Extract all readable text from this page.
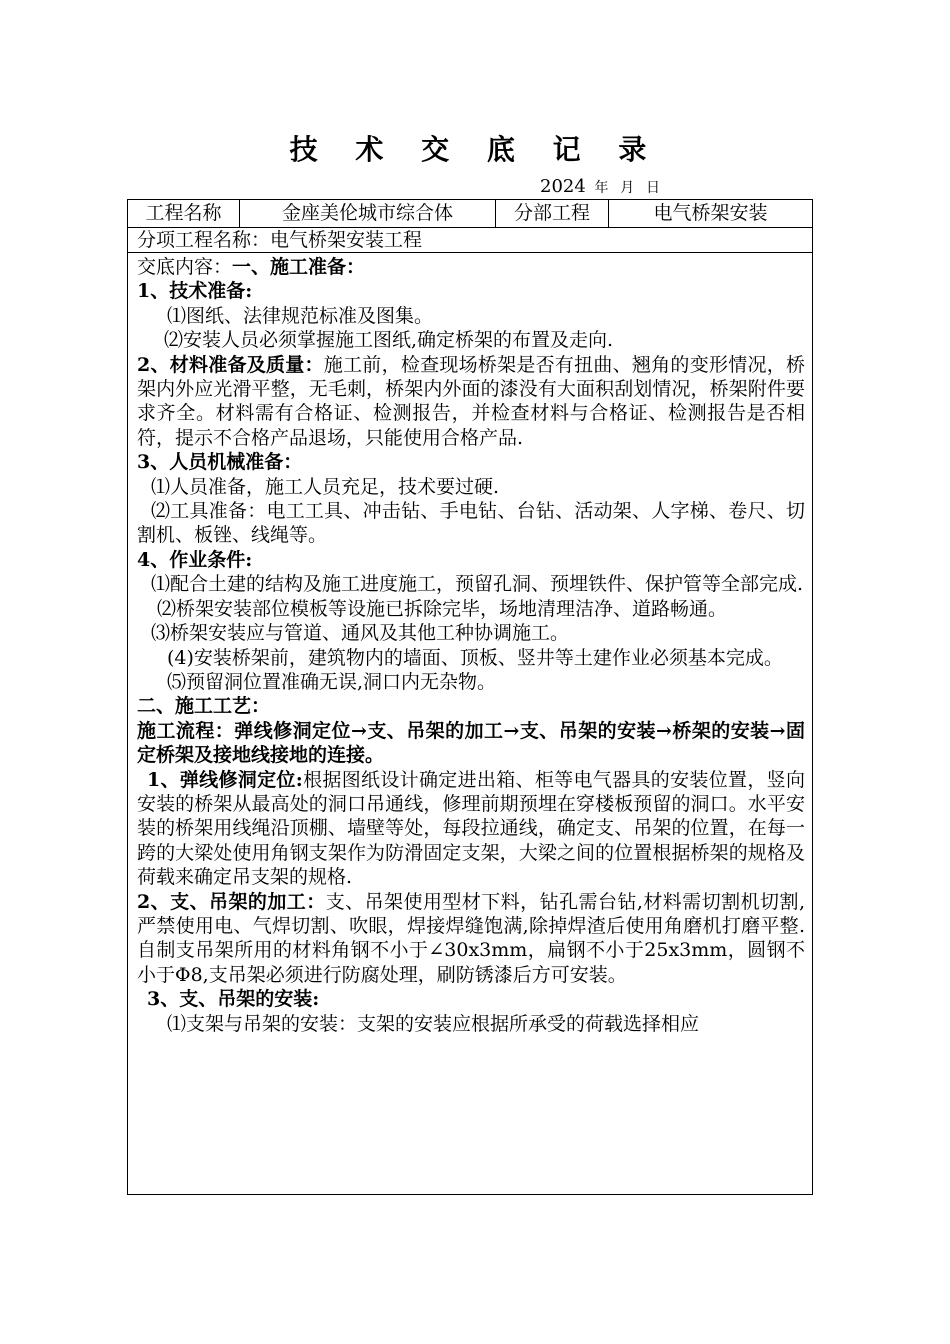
技 术 交 底 记 录
2024 年 月 日
工程名称	金座美伦城市综合体	分部工程	电气桥架安装
分项工程名称：电气桥架安装工程

交底内容：一、施工准备：

1、技术准备:

⑴图纸、法律规范标准及图集。

⑵安装人员必须掌握施工图纸,确定桥架的布置及走向.

2、材料准备及质量：施工前，检查现场桥架是否有扭曲、翘角的变形情况，桥架内外应光滑平整，无毛刺，桥架内外面的漆没有大面积刮划情况，桥架附件要求齐全。材料需有合格证、检测报告，并检查材料与合格证、检测报告是否相符，提示不合格产品退场，只能使用合格产品.

3、人员机械准备：

⑴人员准备，施工人员充足，技术要过硬.

⑵工具准备：电工工具、冲击钻、手电钻、台钻、活动架、人字梯、卷尺、切割机、板锉、线绳等。

4、作业条件:

⑴配合土建的结构及施工进度施工，预留孔洞、预埋铁件、保护管等全部完成.

⑵桥架安装部位模板等设施已拆除完毕，场地清理洁净、道路畅通。

⑶桥架安装应与管道、通风及其他工种协调施工。

(4)安装桥架前，建筑物内的墙面、顶板、竖井等土建作业必须基本完成。

⑸预留洞位置准确无误,洞口内无杂物。

二、施工工艺：

施工流程：弹线修洞定位→支、吊架的加工→支、吊架的安装→桥架的安装→固定桥架及接地线接地的连接。

1、弹线修洞定位:根据图纸设计确定进出箱、柜等电气器具的安装位置，竖向安装的桥架从最高处的洞口吊通线，修理前期预埋在穿楼板预留的洞口。水平安装的桥架用线绳沿顶棚、墙壁等处，每段拉通线，确定支、吊架的位置，在每一跨的大梁处使用角钢支架作为防滑固定支架，大梁之间的位置根据桥架的规格及荷载来确定吊支架的规格.

2、支、吊架的加工：支、吊架使用型材下料，钻孔需台钻,材料需切割机切割,严禁使用电、气焊切割、吹眼，焊接焊缝饱满,除掉焊渣后使用角磨机打磨平整.自制支吊架所用的材料角钢不小于∠30x3mm，扁钢不小于25x3mm，圆钢不小于Φ8,支吊架必须进行防腐处理，刷防锈漆后方可安装。

3、支、吊架的安装:

⑴支架与吊架的安装：支架的安装应根据所承受的荷载选择相应
